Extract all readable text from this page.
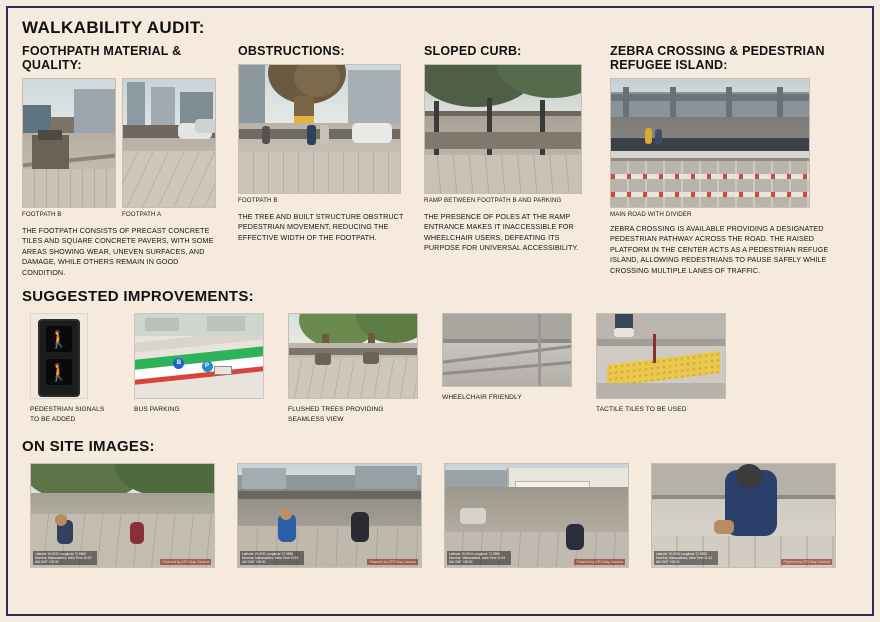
WALKABILITY AUDIT:
FOOTHPATH MATERIAL & QUALITY:
FOOTPATH B	FOOTPATH A
THE FOOTPATH CONSISTS OF PRECAST CONCRETE TILES AND SQUARE CONCRETE PAVERS, WITH SOME AREAS SHOWING WEAR, UNEVEN SURFACES, AND DAMAGE, WHILE OTHERS REMAIN IN GOOD CONDITION.
OBSTRUCTIONS:
FOOTPATH B
THE TREE AND BUILT STRUCTURE OBSTRUCT PEDESTRIAN MOVEMENT, REDUCING THE EFFECTIVE WIDTH OF THE FOOTPATH.
SLOPED CURB:
RAMP BETWEEN FOOTPATH B AND PARKING
THE PRESENCE OF POLES AT THE RAMP ENTRANCE MAKES IT INACCESSIBLE FOR WHEELCHAIR USERS, DEFEATING ITS PURPOSE FOR UNIVERSAL ACCESSIBILITY.
ZEBRA CROSSING & PEDESTRIAN REFUGEE ISLAND:
MAIN ROAD WITH DIVIDER
ZEBRA CROSSING IS AVAILABLE PROVIDING A DESIGNATED PEDESTRIAN PATHWAY ACROSS THE ROAD. THE RAISED PLATFORM IN THE CENTER ACTS AS A PEDESTRIAN REFUGE ISLAND, ALLOWING PEDESTRIANS TO PAUSE SAFELY WHILE CROSSING MULTIPLE LANES OF TRAFFIC.
SUGGESTED IMPROVEMENTS:
🚶
🚶
PEDESTRIAN SIGNALS TO BE ADDED
B
P
BUS PARKING	FLUSHED TREES PROVIDING SEAMLESS VIEW
WHEELCHAIR FRIENDLY
TACTILE TILES TO BE USED
ON SITE IMAGES:
Latitude 19.0330 Longitude 72.8600 Mumbai, Maharashtra, India Time 10:42 AM GMT +05:30	Powered by GPS Map Camera
Latitude 19.0331 Longitude 72.8598 Mumbai, Maharashtra, India Time 10:51 AM GMT +05:30	Powered by GPS Map Camera
Latitude 19.0334 Longitude 72.8595 Mumbai, Maharashtra, India Time 11:03 AM GMT +05:30	Powered by GPS Map Camera
Latitude 19.0336 Longitude 72.8592 Mumbai, Maharashtra, India Time 11:12 AM GMT +05:30	Powered by GPS Map Camera
